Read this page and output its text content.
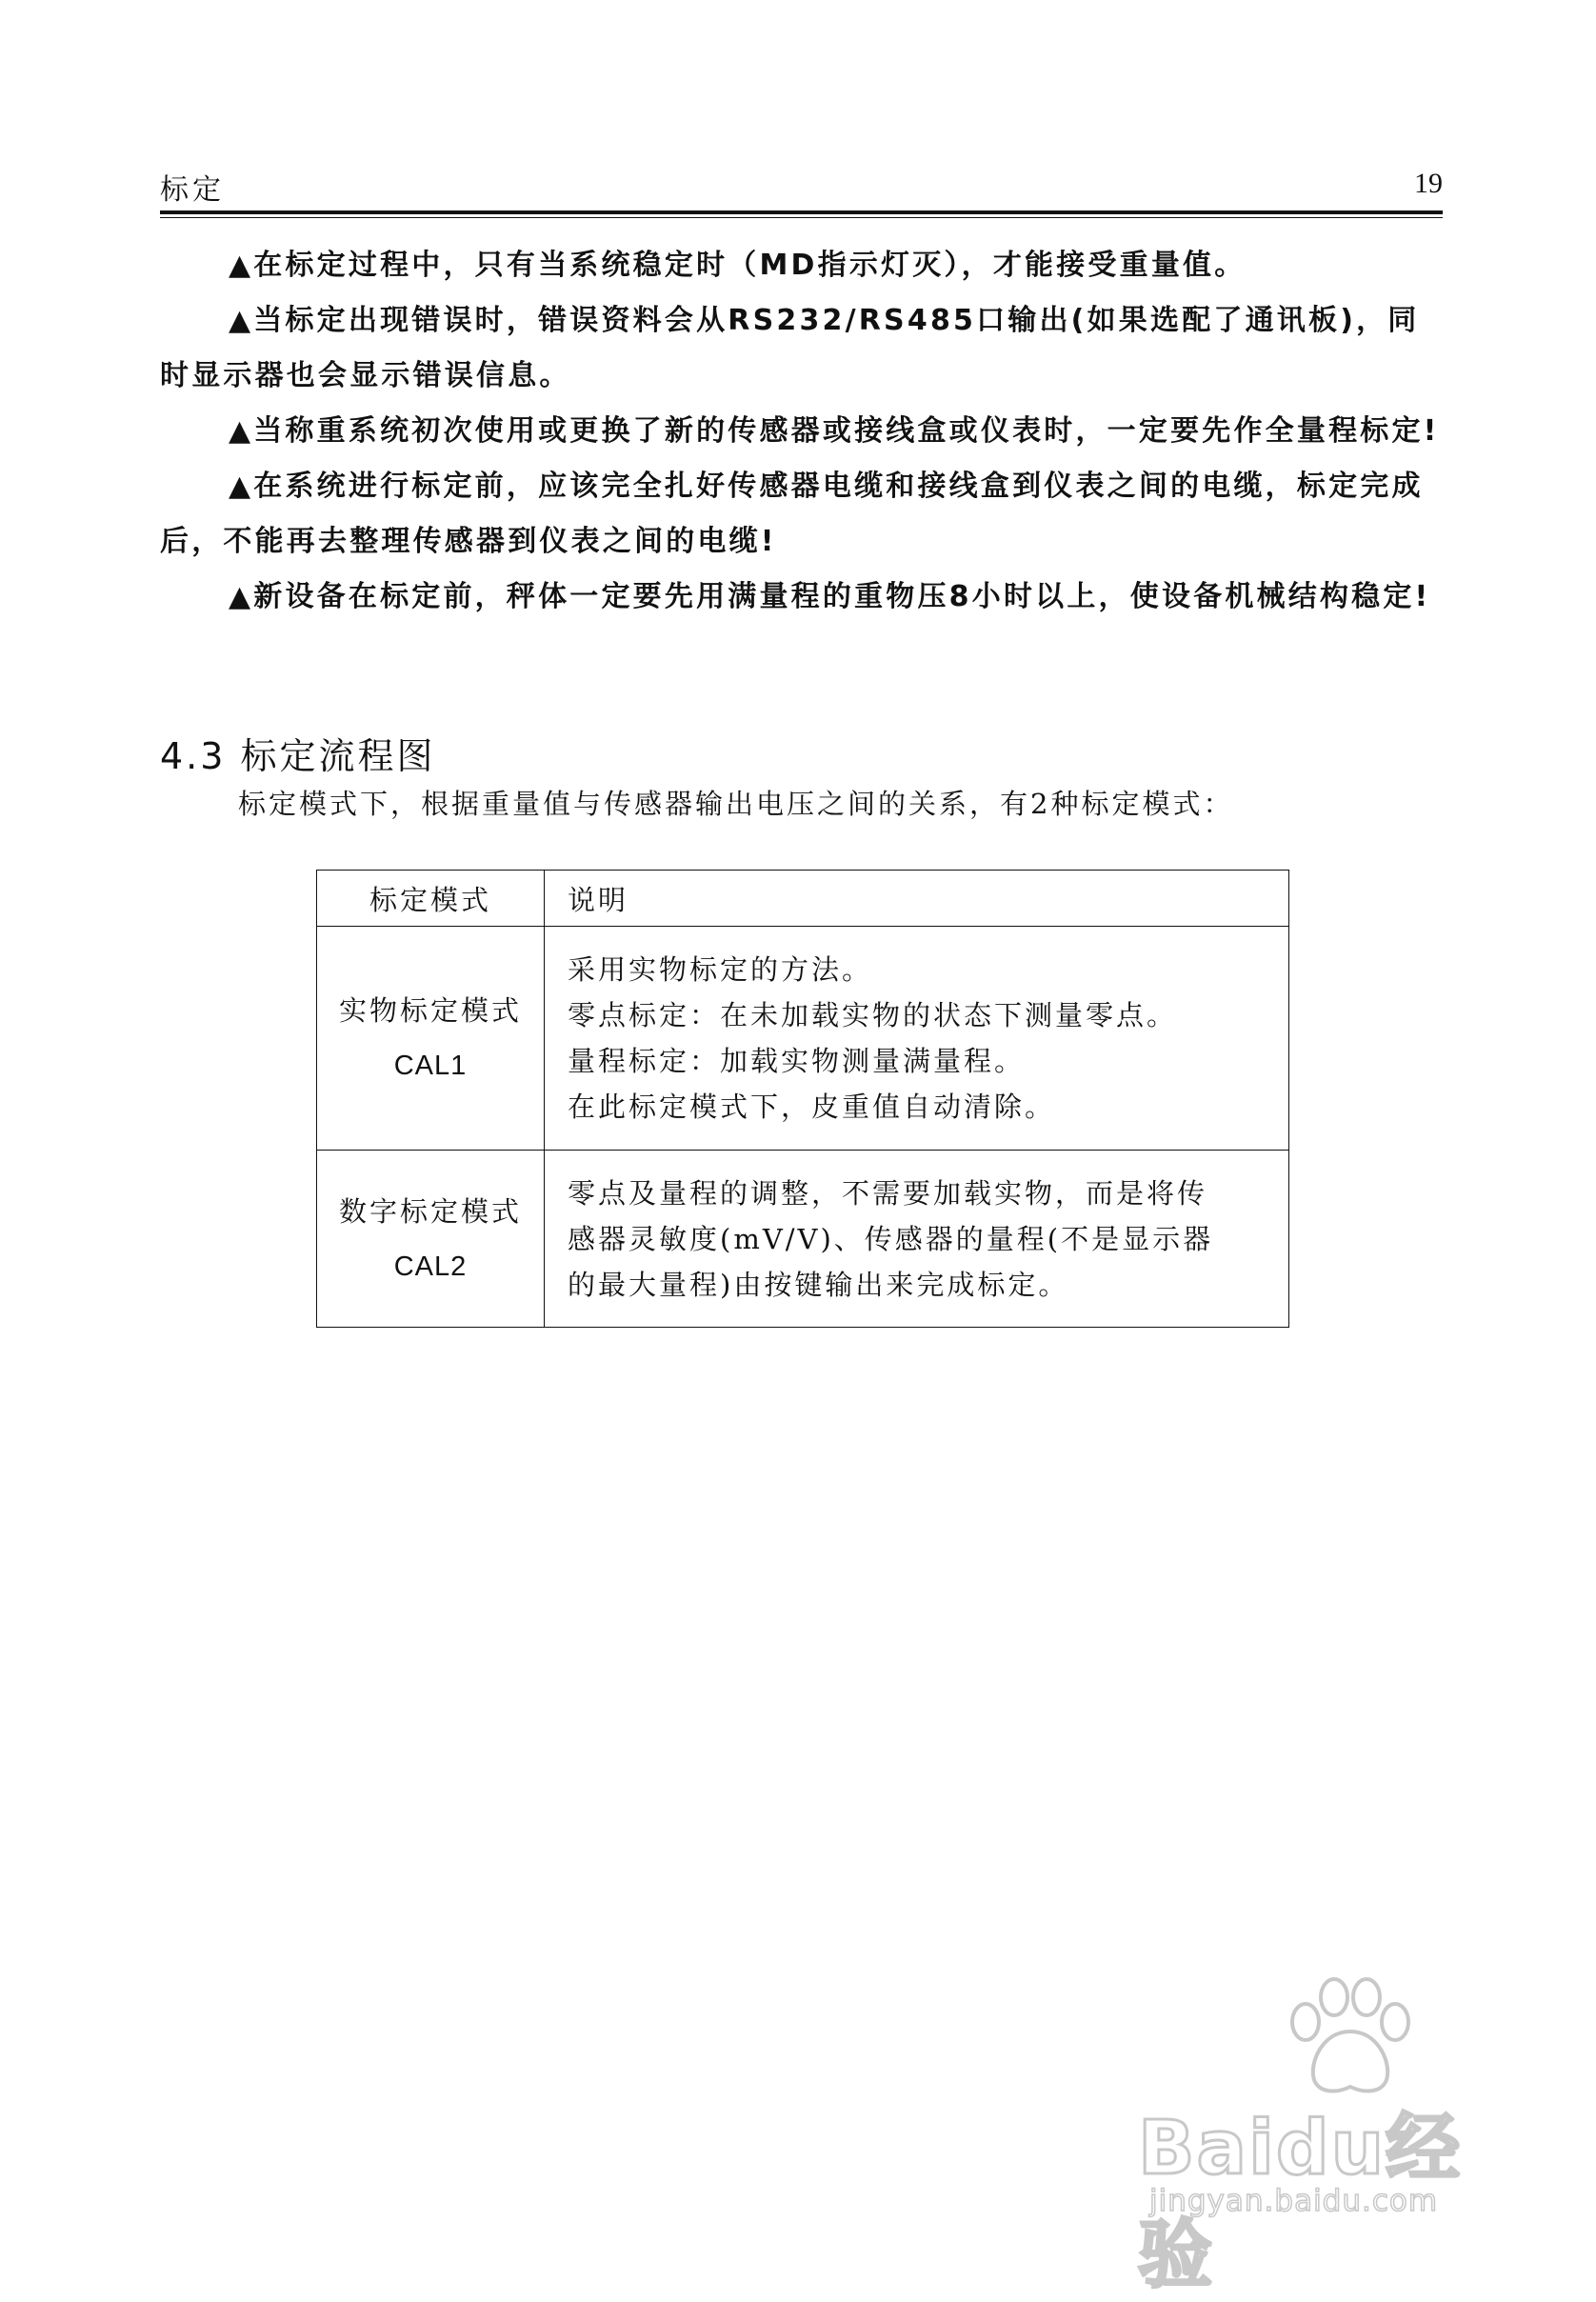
标定	19

▲在标定过程中，只有当系统稳定时（MD指示灯灭），才能接受重量值。

▲当标定出现错误时，错误资料会从RS232/RS485口输出(如果选配了通讯板)，同时显示器也会显示错误信息。

▲当称重系统初次使用或更换了新的传感器或接线盒或仪表时，一定要先作全量程标定!

▲在系统进行标定前，应该完全扎好传感器电缆和接线盒到仪表之间的电缆，标定完成后，不能再去整理传感器到仪表之间的电缆!

▲新设备在标定前，秤体一定要先用满量程的重物压8小时以上，使设备机械结构稳定!

4.3 标定流程图
标定模式下，根据重量值与传感器输出电压之间的关系，有2种标定模式：
标定模式	说明

实物标定模式
CAL1	采用实物标定的方法。
零点标定：在未加载实物的状态下测量零点。
量程标定：加载实物测量满量程。
在此标定模式下，皮重值自动清除。

数字标定模式
CAL2	零点及量程的调整，不需要加载实物，而是将传
感器灵敏度(mV/V)、传感器的量程(不是显示器
的最大量程)由按键输出来完成标定。
Baidu经验
jingyan.baidu.com
